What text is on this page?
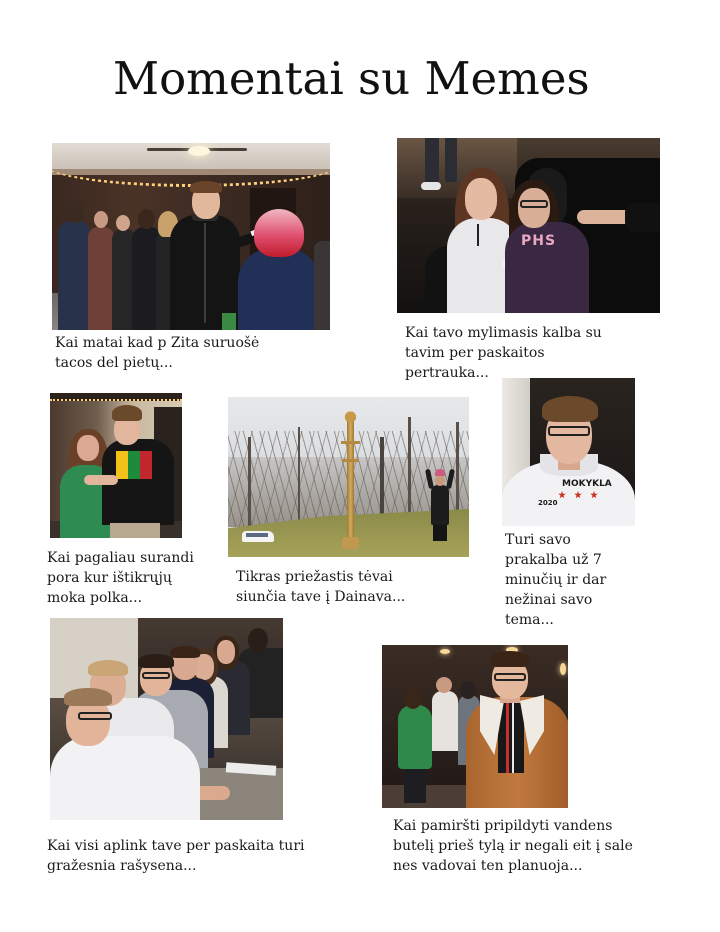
Momentai su Memes
PHS
MOKYKLA
2020
Kai matai kad p Zita suruošė
tacos del pietų...
Kai tavo mylimasis kalba su
tavim per paskaitos
pertrauka...
Kai pagaliau surandi
pora kur ištikrųjų
moka polka...
Tikras priežastis tėvai
siunčia tave į Dainava...
Turi savo
prakalba už 7
minučių ir dar
nežinai savo
tema...
Kai visi aplink tave per paskaita turi
gražesnia rašysena...
Kai pamiršti pripildyti vandens
butelį prieš tylą ir negali eit į sale
nes vadovai ten planuoja...
